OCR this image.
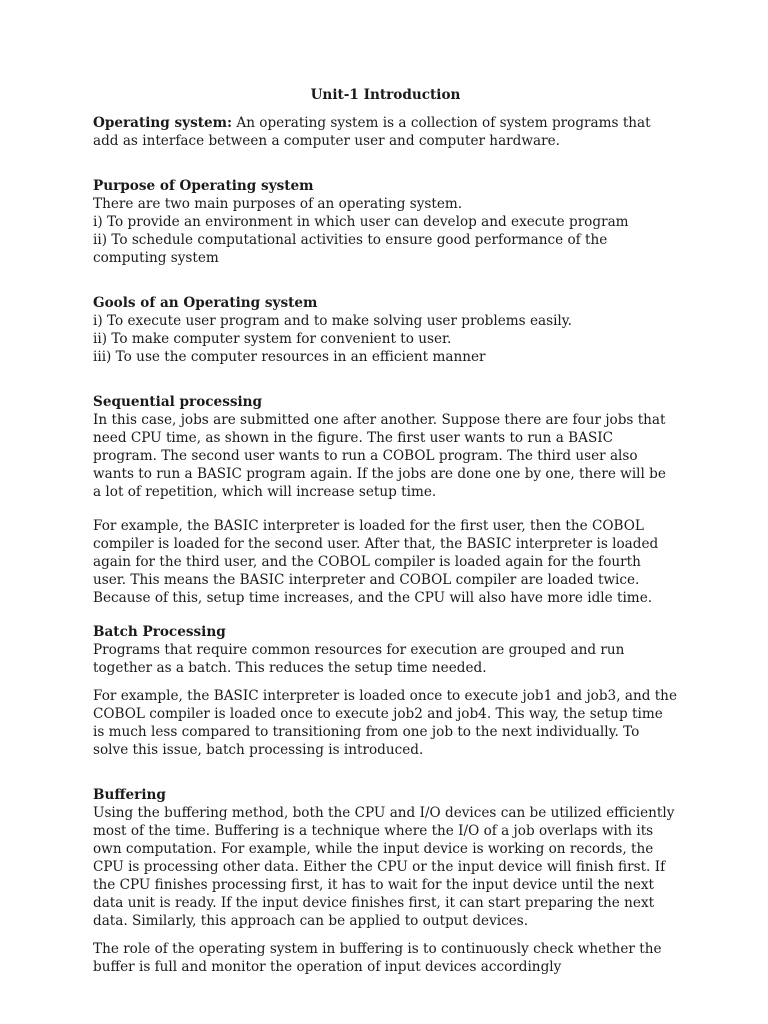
Unit-1 Introduction

Operating system: An operating system is a collection of system programs that add as interface between a computer user and computer hardware.

Purpose of Operating system

There are two main purposes of an operating system.

i) To provide an environment in which user can develop and execute program

ii) To schedule computational activities to ensure good performance of the computing system

Gools of an Operating system

i) To execute user program and to make solving user problems easily.

ii) To make computer system for convenient to user.

iii) To use the computer resources in an efficient manner

Sequential processing

In this case, jobs are submitted one after another. Suppose there are four jobs that need CPU time, as shown in the figure. The first user wants to run a BASIC program. The second user wants to run a COBOL program. The third user also wants to run a BASIC program again. If the jobs are done one by one, there will be a lot of repetition, which will increase setup time.

For example, the BASIC interpreter is loaded for the first user, then the COBOL compiler is loaded for the second user. After that, the BASIC interpreter is loaded again for the third user, and the COBOL compiler is loaded again for the fourth user. This means the BASIC interpreter and COBOL compiler are loaded twice. Because of this, setup time increases, and the CPU will also have more idle time.

Batch Processing

Programs that require common resources for execution are grouped and run together as a batch. This reduces the setup time needed.

For example, the BASIC interpreter is loaded once to execute job1 and job3, and the COBOL compiler is loaded once to execute job2 and job4. This way, the setup time is much less compared to transitioning from one job to the next individually. To solve this issue, batch processing is introduced.

Buffering

Using the buffering method, both the CPU and I/O devices can be utilized efficiently most of the time. Buffering is a technique where the I/O of a job overlaps with its own computation. For example, while the input device is working on records, the CPU is processing other data. Either the CPU or the input device will finish first. If the CPU finishes processing first, it has to wait for the input device until the next data unit is ready. If the input device finishes first, it can start preparing the next data. Similarly, this approach can be applied to output devices.

The role of the operating system in buffering is to continuously check whether the buffer is full and monitor the operation of input devices accordingly
